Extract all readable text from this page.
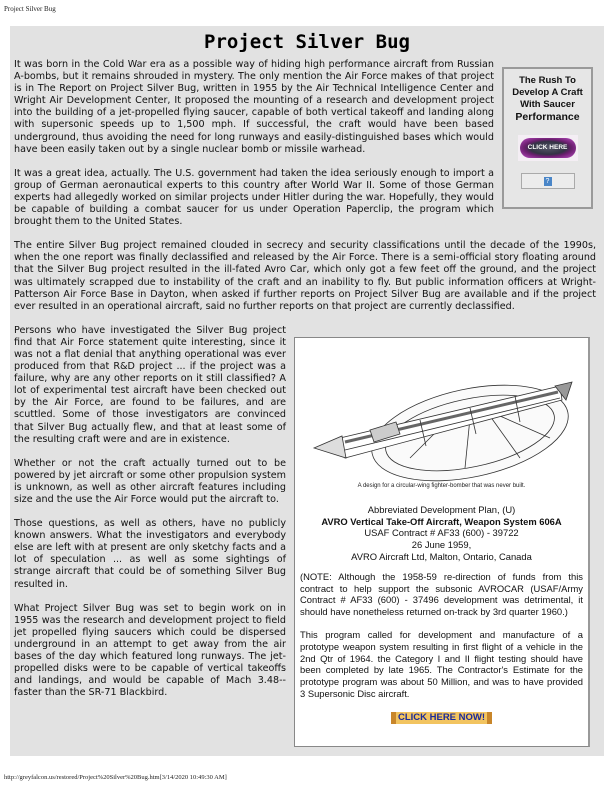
Project Silver Bug
Project Silver Bug
The Rush To
Develop A Craft
With Saucer
Performance
CLICK HERE
?

It was born in the Cold War era as a possible way of hiding high performance aircraft from Russian A-bombs, but it remains shrouded in mystery. The only mention the Air Force makes of that project is in The Report on Project Silver Bug, written in 1955 by the Air Technical Intelligence Center and Wright Air Development Center, It proposed the mounting of a research and development project into the building of a jet-propelled flying saucer, capable of both vertical takeoff and landing along with supersonic speeds up to 1,500 mph. If successful, the craft would have been based underground, thus avoiding the need for long runways and easily-distinguished bases which would have been easily taken out by a single nuclear bomb or missile warhead.

It was a great idea, actually. The U.S. government had taken the idea seriously enough to import a group of German aeronautical experts to this country after World War II. Some of those German experts had allegedly worked on similar projects under Hitler during the war. Hopefully, they would be capable of building a combat saucer for us under Operation Paperclip, the program which brought them to the United States.

The entire Silver Bug project remained clouded in secrecy and security classifications until the decade of the 1990s, when the one report was finally declassified and released by the Air Force. There is a semi-official story floating around that the Silver Bug project resulted in the ill-fated Avro Car, which only got a few feet off the ground, and the project was ultimately scrapped due to instability of the craft and an inability to fly. But public information officers at Wright-Patterson Air Force Base in Dayton, when asked if further reports on Project Silver Bug are available and if the project ever resulted in an operational aircraft, said no further reports on that project are currently declassified.

Persons who have investigated the Silver Bug project find that Air Force statement quite interesting, since it was not a flat denial that anything operational was ever produced from that R&D project ... if the project was a failure, why are any other reports on it still classified? A lot of experimental test aircraft have been checked out by the Air Force, are found to be failures, and are scuttled. Some of those investigators are convinced that Silver Bug actually flew, and that at least some of the resulting craft were and are in existence.

Whether or not the craft actually turned out to be powered by jet aircraft or some other propulsion system is unknown, as well as other aircraft features including size and the use the Air Force would put the aircraft to.

Those questions, as well as others, have no publicly known answers. What the investigators and everybody else are left with at present are only sketchy facts and a lot of speculation ... as well as some sightings of strange aircraft that could be of something Silver Bug resulted in.

What Project Silver Bug was set to begin work on in 1955 was the research and development project to field jet propelled flying saucers which could be dispersed underground in an attempt to get away from the air bases of the day which featured long runways. The jet-propelled disks were to be capable of vertical takeoffs and landings, and would be capable of Mach 3.48--faster than the SR-71 Blackbird.

A design for a circular-wing fighter-bomber that was never built.
Abbreviated Development Plan, (U)
AVRO Vertical Take-Off Aircraft, Weapon System 606A
USAF Contract # AF33 (600) - 39722
26 June 1959,
AVRO Aircraft Ltd, Malton, Ontario, Canada

(NOTE: Although the 1958-59 re-direction of funds from this contract to help support the subsonic AVROCAR (USAF/Army Contract # AF33 (600) - 37496 development was detrimental, it should have nonetheless returned on-track by 3rd quarter 1960.)

This program called for development and manufacture of a prototype weapon system resulting in first flight of a vehicle in the 2nd Qtr of 1964. the Category I and II flight testing should have been completed by late 1965. The Contractor's Estimate for the prototype program was about 50 Million, and was to have provided 3 Supersonic Disc aircraft.

CLICK HERE NOW!
http://greyfalcon.us/restored/Project%20Silver%20Bug.htm[3/14/2020 10:49:30 AM]
